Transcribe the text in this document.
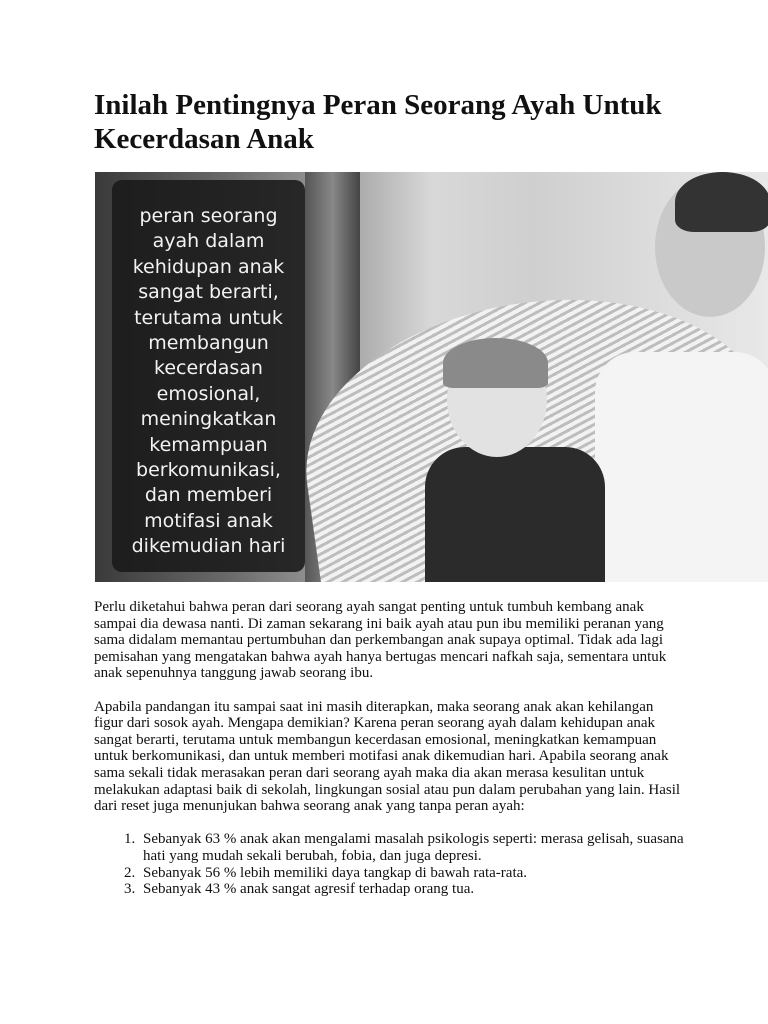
Inilah Pentingnya Peran Seorang Ayah Untuk Kecerdasan Anak
peran seorang
ayah dalam
kehidupan anak
sangat berarti,
terutama untuk
membangun
kecerdasan
emosional,
meningkatkan
kemampuan
berkomunikasi,
dan memberi
motifasi anak
dikemudian hari

Perlu diketahui bahwa peran dari seorang ayah sangat penting untuk tumbuh kembang anak sampai dia dewasa nanti. Di zaman sekarang ini baik ayah atau pun ibu memiliki peranan yang sama didalam memantau pertumbuhan dan perkembangan anak supaya optimal. Tidak ada lagi pemisahan yang mengatakan bahwa ayah hanya bertugas mencari nafkah saja, sementara untuk anak sepenuhnya tanggung jawab seorang ibu.

Apabila pandangan itu sampai saat ini masih diterapkan, maka seorang anak akan kehilangan figur dari sosok ayah. Mengapa demikian? Karena peran seorang ayah dalam kehidupan anak sangat berarti, terutama untuk membangun kecerdasan emosional, meningkatkan kemampuan untuk berkomunikasi, dan untuk memberi motifasi anak dikemudian hari. Apabila seorang anak sama sekali tidak merasakan peran dari seorang ayah maka dia akan merasa kesulitan untuk melakukan adaptasi baik di sekolah, lingkungan sosial atau pun dalam perubahan yang lain. Hasil dari reset juga menunjukan bahwa seorang anak yang tanpa peran ayah:

1. Sebanyak 63 % anak akan mengalami masalah psikologis seperti: merasa gelisah, suasana hati yang mudah sekali berubah, fobia, dan juga depresi.
2. Sebanyak 56 % lebih memiliki daya tangkap di bawah rata-rata.
3. Sebanyak 43 % anak sangat agresif terhadap orang tua.
